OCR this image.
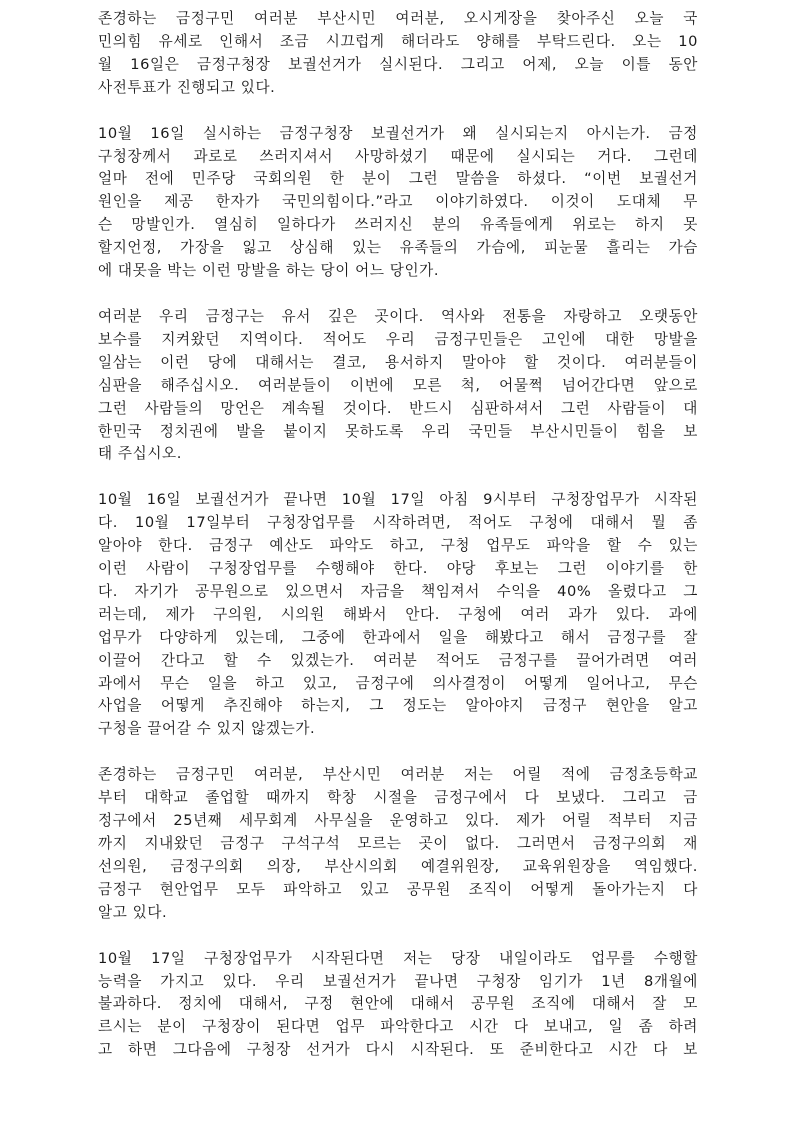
존경하는 금정구민 여러분 부산시민 여러분, 오시게장을 찾아주신 오늘 국
민의힘 유세로 인해서 조금 시끄럽게 해더라도 양해를 부탁드린다. 오는 10
월 16일은 금정구청장 보궐선거가 실시된다. 그리고 어제, 오늘 이틀 동안
사전투표가 진행되고 있다.
10월 16일 실시하는 금정구청장 보궐선거가 왜 실시되는지 아시는가. 금정
구청장께서 과로로 쓰러지셔서 사망하셨기 때문에 실시되는 거다. 그런데
얼마 전에 민주당 국회의원 한 분이 그런 말씀을 하셨다. “이번 보궐선거
원인을 제공 한자가 국민의힘이다.”라고 이야기하였다. 이것이 도대체 무
슨 망발인가. 열심히 일하다가 쓰러지신 분의 유족들에게 위로는 하지 못
할지언정, 가장을 잃고 상심해 있는 유족들의 가슴에, 피눈물 흘리는 가슴
에 대못을 박는 이런 망발을 하는 당이 어느 당인가.
여러분 우리 금정구는 유서 깊은 곳이다. 역사와 전통을 자랑하고 오랫동안
보수를 지켜왔던 지역이다. 적어도 우리 금정구민들은 고인에 대한 망발을
일삼는 이런 당에 대해서는 결코, 용서하지 말아야 할 것이다. 여러분들이
심판을 해주십시오. 여러분들이 이번에 모른 척, 어물쩍 넘어간다면 앞으로
그런 사람들의 망언은 계속될 것이다. 반드시 심판하셔서 그런 사람들이 대
한민국 정치권에 발을 붙이지 못하도록 우리 국민들 부산시민들이 힘을 보
태 주십시오.
10월 16일 보궐선거가 끝나면 10월 17일 아침 9시부터 구청장업무가 시작된
다. 10월 17일부터 구청장업무를 시작하려면, 적어도 구청에 대해서 뭘 좀
알아야 한다. 금정구 예산도 파악도 하고, 구청 업무도 파악을 할 수 있는
이런 사람이 구청장업무를 수행해야 한다. 야당 후보는 그런 이야기를 한
다. 자기가 공무원으로 있으면서 자금을 책임져서 수익을 40% 올렸다고 그
러는데, 제가 구의원, 시의원 해봐서 안다. 구청에 여러 과가 있다. 과에
업무가 다양하게 있는데, 그중에 한과에서 일을 해봤다고 해서 금정구를 잘
이끌어 간다고 할 수 있겠는가. 여러분 적어도 금정구를 끌어가려면 여러
과에서 무슨 일을 하고 있고, 금정구에 의사결정이 어떻게 일어나고, 무슨
사업을 어떻게 추진해야 하는지, 그 정도는 알아야지 금정구 현안을 알고
구청을 끌어갈 수 있지 않겠는가.
존경하는 금정구민 여러분, 부산시민 여러분 저는 어릴 적에 금정초등학교
부터 대학교 졸업할 때까지 학창 시절을 금정구에서 다 보냈다. 그리고 금
정구에서 25년째 세무회계 사무실을 운영하고 있다. 제가 어릴 적부터 지금
까지 지내왔던 금정구 구석구석 모르는 곳이 없다. 그러면서 금정구의회 재
선의원, 금정구의회 의장, 부산시의회 예결위원장, 교육위원장을 역임했다.
금정구 현안업무 모두 파악하고 있고 공무원 조직이 어떻게 돌아가는지 다
알고 있다.
10월 17일 구청장업무가 시작된다면 저는 당장 내일이라도 업무를 수행할
능력을 가지고 있다. 우리 보궐선거가 끝나면 구청장 임기가 1년 8개월에
불과하다. 정치에 대해서, 구정 현안에 대해서 공무원 조직에 대해서 잘 모
르시는 분이 구청장이 된다면 업무 파악한다고 시간 다 보내고, 일 좀 하려
고 하면 그다음에 구청장 선거가 다시 시작된다. 또 준비한다고 시간 다 보
